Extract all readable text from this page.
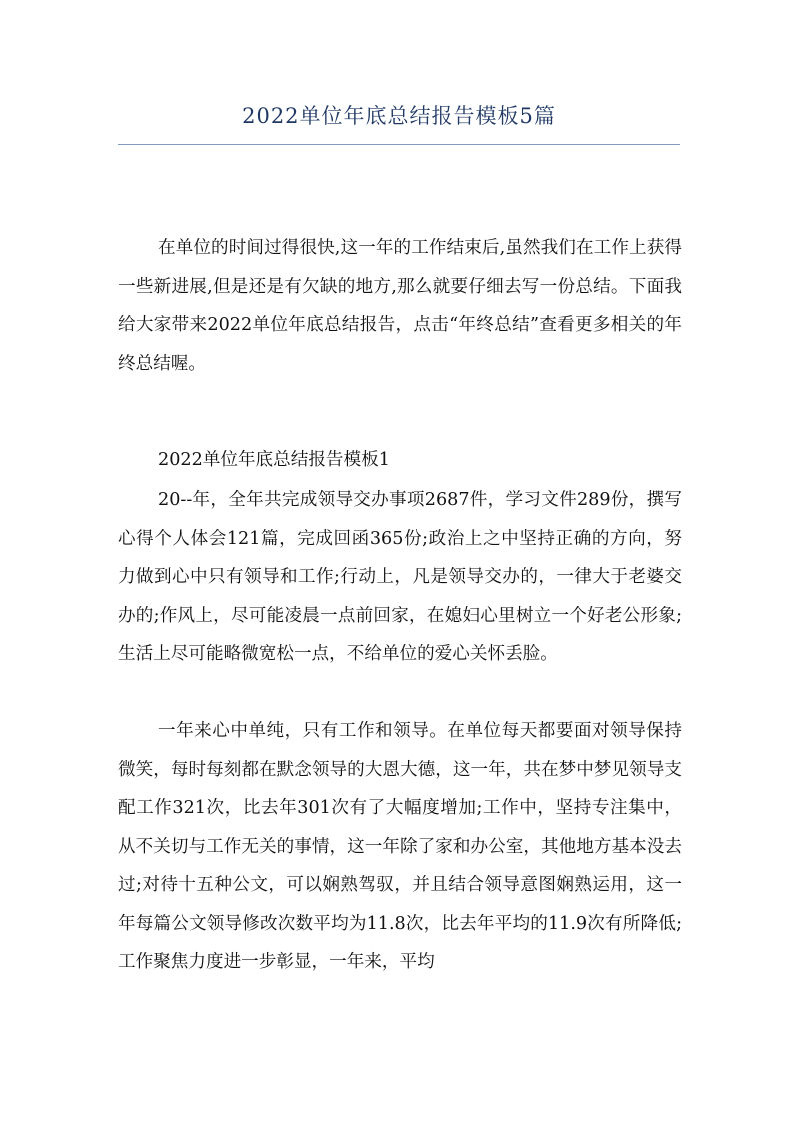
2022单位年底总结报告模板5篇

在单位的时间过得很快,这一年的工作结束后,虽然我们在工作上获得一些新进展,但是还是有欠缺的地方,那么就要仔细去写一份总结。下面我给大家带来2022单位年底总结报告，点击“年终总结”查看更多相关的年终总结喔。

2022单位年底总结报告模板1

20--年，全年共完成领导交办事项2687件，学习文件289份，撰写心得个人体会121篇，完成回函365份;政治上之中坚持正确的方向，努力做到心中只有领导和工作;行动上，凡是领导交办的，一律大于老婆交办的;作风上，尽可能凌晨一点前回家，在媳妇心里树立一个好老公形象;生活上尽可能略微宽松一点，不给单位的爱心关怀丢脸。

一年来心中单纯，只有工作和领导。在单位每天都要面对领导保持微笑，每时每刻都在默念领导的大恩大德，这一年，共在梦中梦见领导支配工作321次，比去年301次有了大幅度增加;工作中，坚持专注集中，从不关切与工作无关的事情，这一年除了家和办公室，其他地方基本没去过;对待十五种公文，可以娴熟驾驭，并且结合领导意图娴熟运用，这一年每篇公文领导修改次数平均为11.8次，比去年平均的11.9次有所降低;工作聚焦力度进一步彰显，一年来，平均
